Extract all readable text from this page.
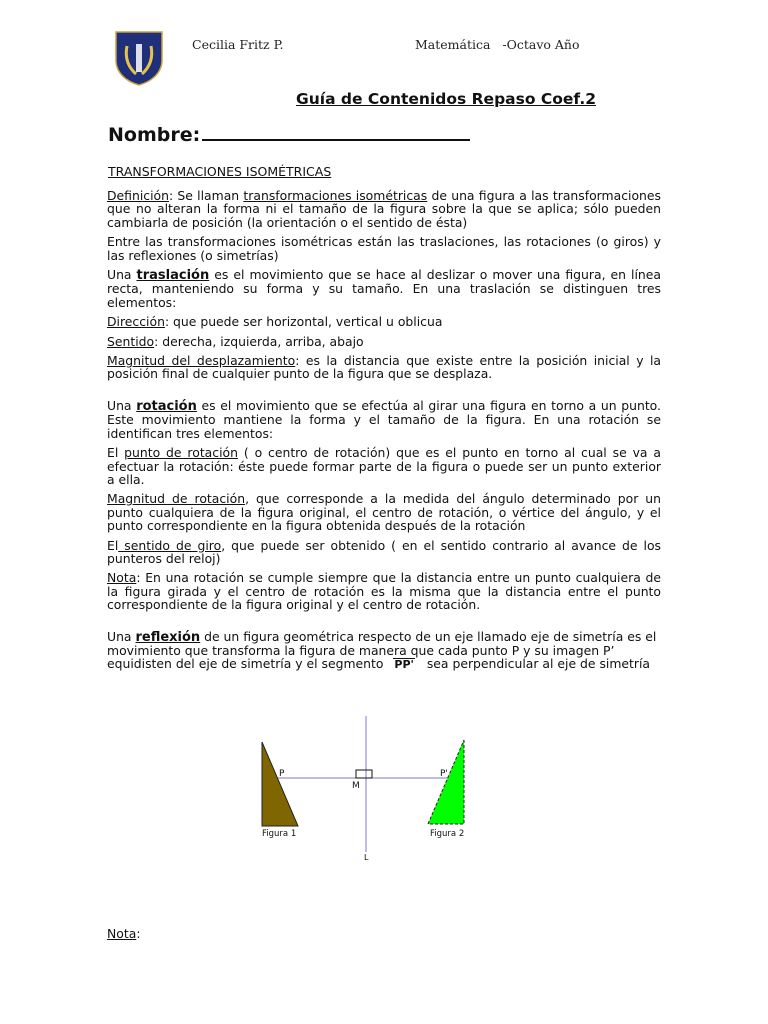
Cecilia Fritz P.	Matemática   -Octavo Año
Guía de Contenidos Repaso Coef.2
Nombre:
TRANSFORMACIONES ISOMÉTRICAS

Definición: Se llaman transformaciones isométricas de una figura a las transformaciones que no alteran la forma ni el tamaño de la figura sobre la que se aplica; sólo pueden cambiarla de posición (la orientación o el sentido de ésta)

Entre las transformaciones isométricas están las traslaciones, las rotaciones (o giros) y las reflexiones (o simetrías)

Una traslación es el movimiento que se hace al deslizar o mover una figura, en línea recta, manteniendo su forma y su tamaño. En una traslación se distinguen tres elementos:

Dirección: que puede ser horizontal, vertical u oblicua

Sentido: derecha, izquierda, arriba, abajo

Magnitud del desplazamiento: es la distancia que existe entre la posición inicial y la posición final de cualquier punto de la figura que se desplaza.

Una rotación es el movimiento que se efectúa al girar una figura en torno a un punto. Este movimiento mantiene la forma y el tamaño de la figura. En una rotación se identifican tres elementos:

El punto de rotación ( o centro de rotación) que es el punto en torno al cual se va a efectuar la rotación: éste puede formar parte de la figura o puede ser un punto exterior a ella.

Magnitud de rotación, que corresponde a la medida del ángulo determinado por un punto cualquiera de la figura original, el centro de rotación, o vértice del ángulo, y el punto correspondiente en la figura obtenida después de la rotación

El sentido de giro, que puede ser obtenido ( en el sentido contrario al avance de los punteros del reloj)

Nota: En una rotación se cumple siempre que la distancia entre un punto cualquiera de la figura girada y el centro de rotación es la misma que la distancia entre el punto correspondiente de la figura original y el centro de rotación.

Una reflexión de un figura geométrica respecto de un eje llamado eje de simetría es el movimiento que transforma la figura de manera que cada punto P y su imagen P’ equidisten del eje de simetría y el segmento PP' sea perpendicular al eje de simetría

P	P'
M
L
Figura 1	Figura 2
Nota:
